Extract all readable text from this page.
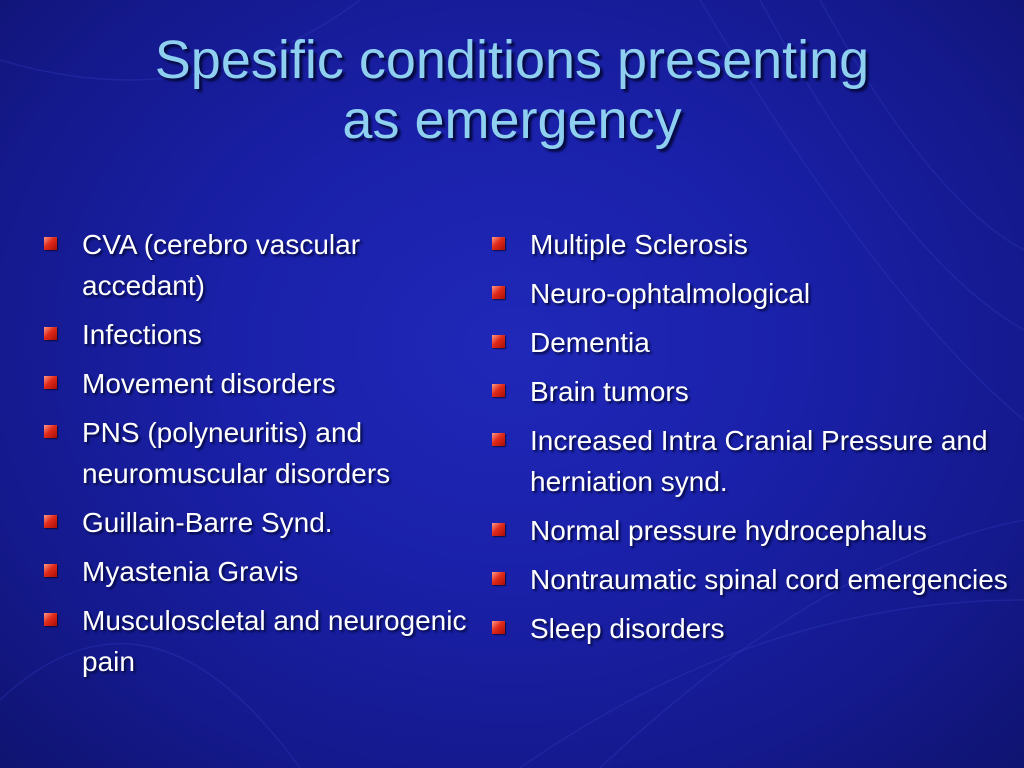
Spesific conditions presenting
as emergency
CVA (cerebro vascular accedant)
Infections
Movement disorders
PNS (polyneuritis) and neuromuscular disorders
Guillain-Barre Synd.
Myastenia Gravis
Musculoscletal and neurogenic pain
Multiple Sclerosis
Neuro-ophtalmological
Dementia
Brain tumors
Increased Intra Cranial Pressure and herniation synd.
Normal pressure hydrocephalus
Nontraumatic spinal cord emergencies
Sleep disorders
